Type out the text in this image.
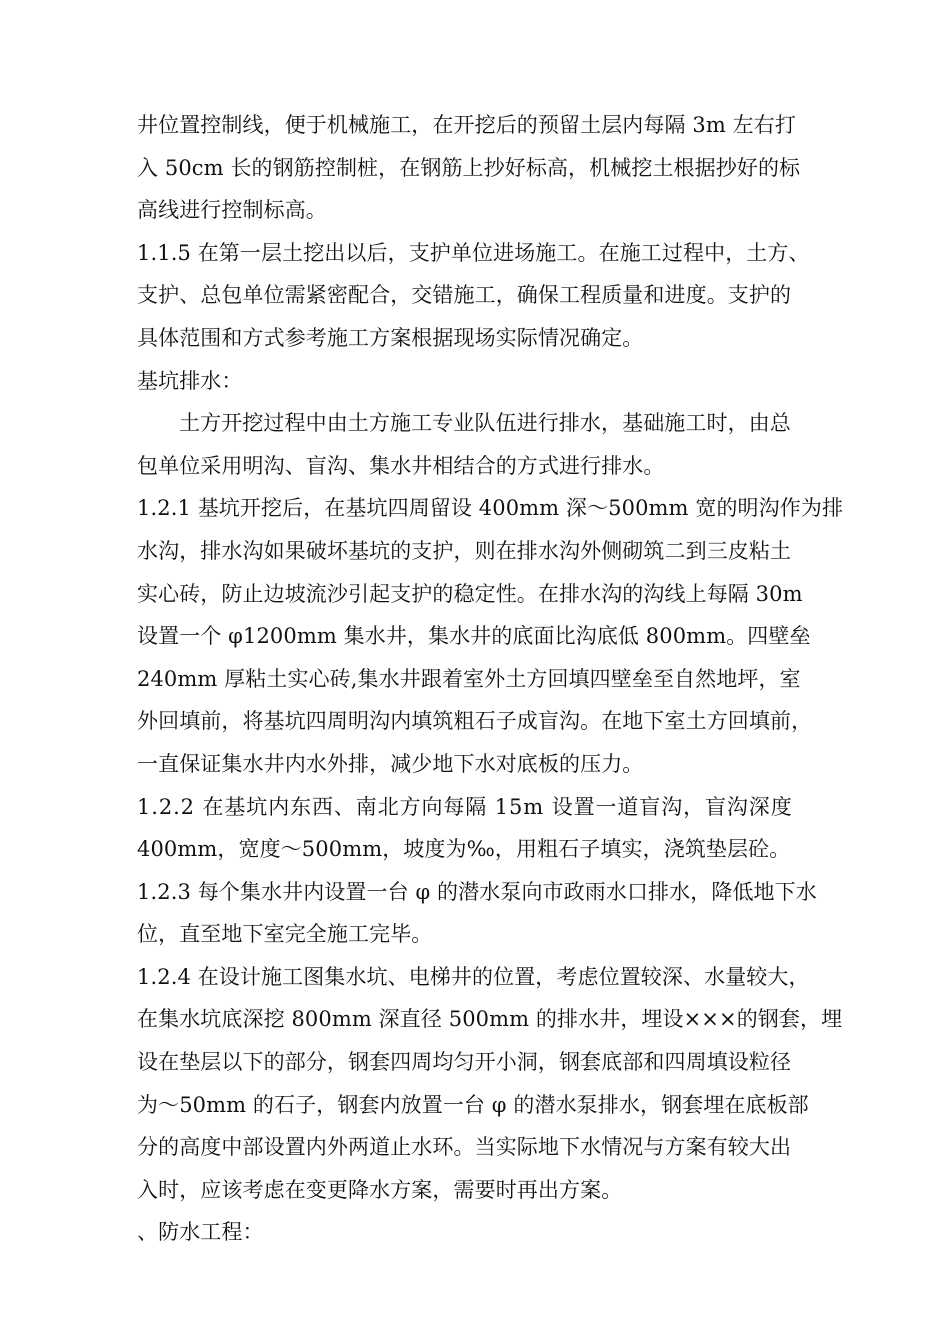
井位置控制线，便于机械施工，在开挖后的预留土层内每隔 3m 左右打
入 50cm 长的钢筋控制桩，在钢筋上抄好标高，机械挖土根据抄好的标
高线进行控制标高。
1.1.5 在第一层土挖出以后，支护单位进场施工。在施工过程中，土方、
支护、总包单位需紧密配合，交错施工，确保工程质量和进度。支护的
具体范围和方式参考施工方案根据现场实际情况确定。
基坑排水：
土方开挖过程中由土方施工专业队伍进行排水，基础施工时，由总
包单位采用明沟、盲沟、集水井相结合的方式进行排水。
1.2.1 基坑开挖后，在基坑四周留设 400mm 深～500mm 宽的明沟作为排
水沟，排水沟如果破坏基坑的支护，则在排水沟外侧砌筑二到三皮粘土
实心砖，防止边坡流沙引起支护的稳定性。在排水沟的沟线上每隔 30m
设置一个 φ1200mm 集水井，集水井的底面比沟底低 800mm。四壁垒
240mm 厚粘土实心砖,集水井跟着室外土方回填四壁垒至自然地坪，室
外回填前，将基坑四周明沟内填筑粗石子成盲沟。在地下室土方回填前，
一直保证集水井内水外排，减少地下水对底板的压力。
1.2.2 在基坑内东西、南北方向每隔 15m 设置一道盲沟，盲沟深度
400mm，宽度～500mm，坡度为‰，用粗石子填实，浇筑垫层砼。
1.2.3 每个集水井内设置一台 φ 的潜水泵向市政雨水口排水，降低地下水
位，直至地下室完全施工完毕。
1.2.4 在设计施工图集水坑、电梯井的位置，考虑位置较深、水量较大，
在集水坑底深挖 800mm 深直径 500mm 的排水井，埋设×××的钢套，埋
设在垫层以下的部分，钢套四周均匀开小洞，钢套底部和四周填设粒径
为～50mm 的石子，钢套内放置一台 φ 的潜水泵排水，钢套埋在底板部
分的高度中部设置内外两道止水环。当实际地下水情况与方案有较大出
入时，应该考虑在变更降水方案，需要时再出方案。
、防水工程：
